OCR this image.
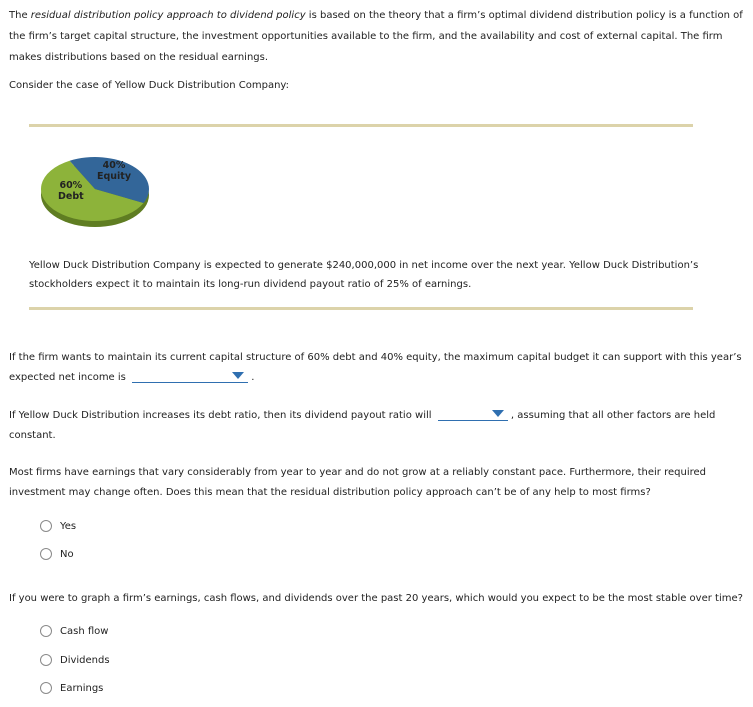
The residual distribution policy approach to dividend policy is based on the theory that a firm’s optimal dividend distribution policy is a function of the firm’s target capital structure, the investment opportunities available to the firm, and the availability and cost of external capital. The firm makes distributions based on the residual earnings.

Consider the case of Yellow Duck Distribution Company:

40%
Equity
60%
Debt

Yellow Duck Distribution Company is expected to generate $240,000,000 in net income over the next year. Yellow Duck Distribution’s stockholders expect it to maintain its long-run dividend payout ratio of 25% of earnings.

If the firm wants to maintain its current capital structure of 60% debt and 40% equity, the maximum capital budget it can support with this year’s expected net income is	.

If Yellow Duck Distribution increases its debt ratio, then its dividend payout ratio will	, assuming that all other factors are held constant.

Most firms have earnings that vary considerably from year to year and do not grow at a reliably constant pace. Furthermore, their required investment may change often. Does this mean that the residual distribution policy approach can’t be of any help to most firms?

Yes
No

If you were to graph a firm’s earnings, cash flows, and dividends over the past 20 years, which would you expect to be the most stable over time?

Cash flow
Dividends
Earnings
